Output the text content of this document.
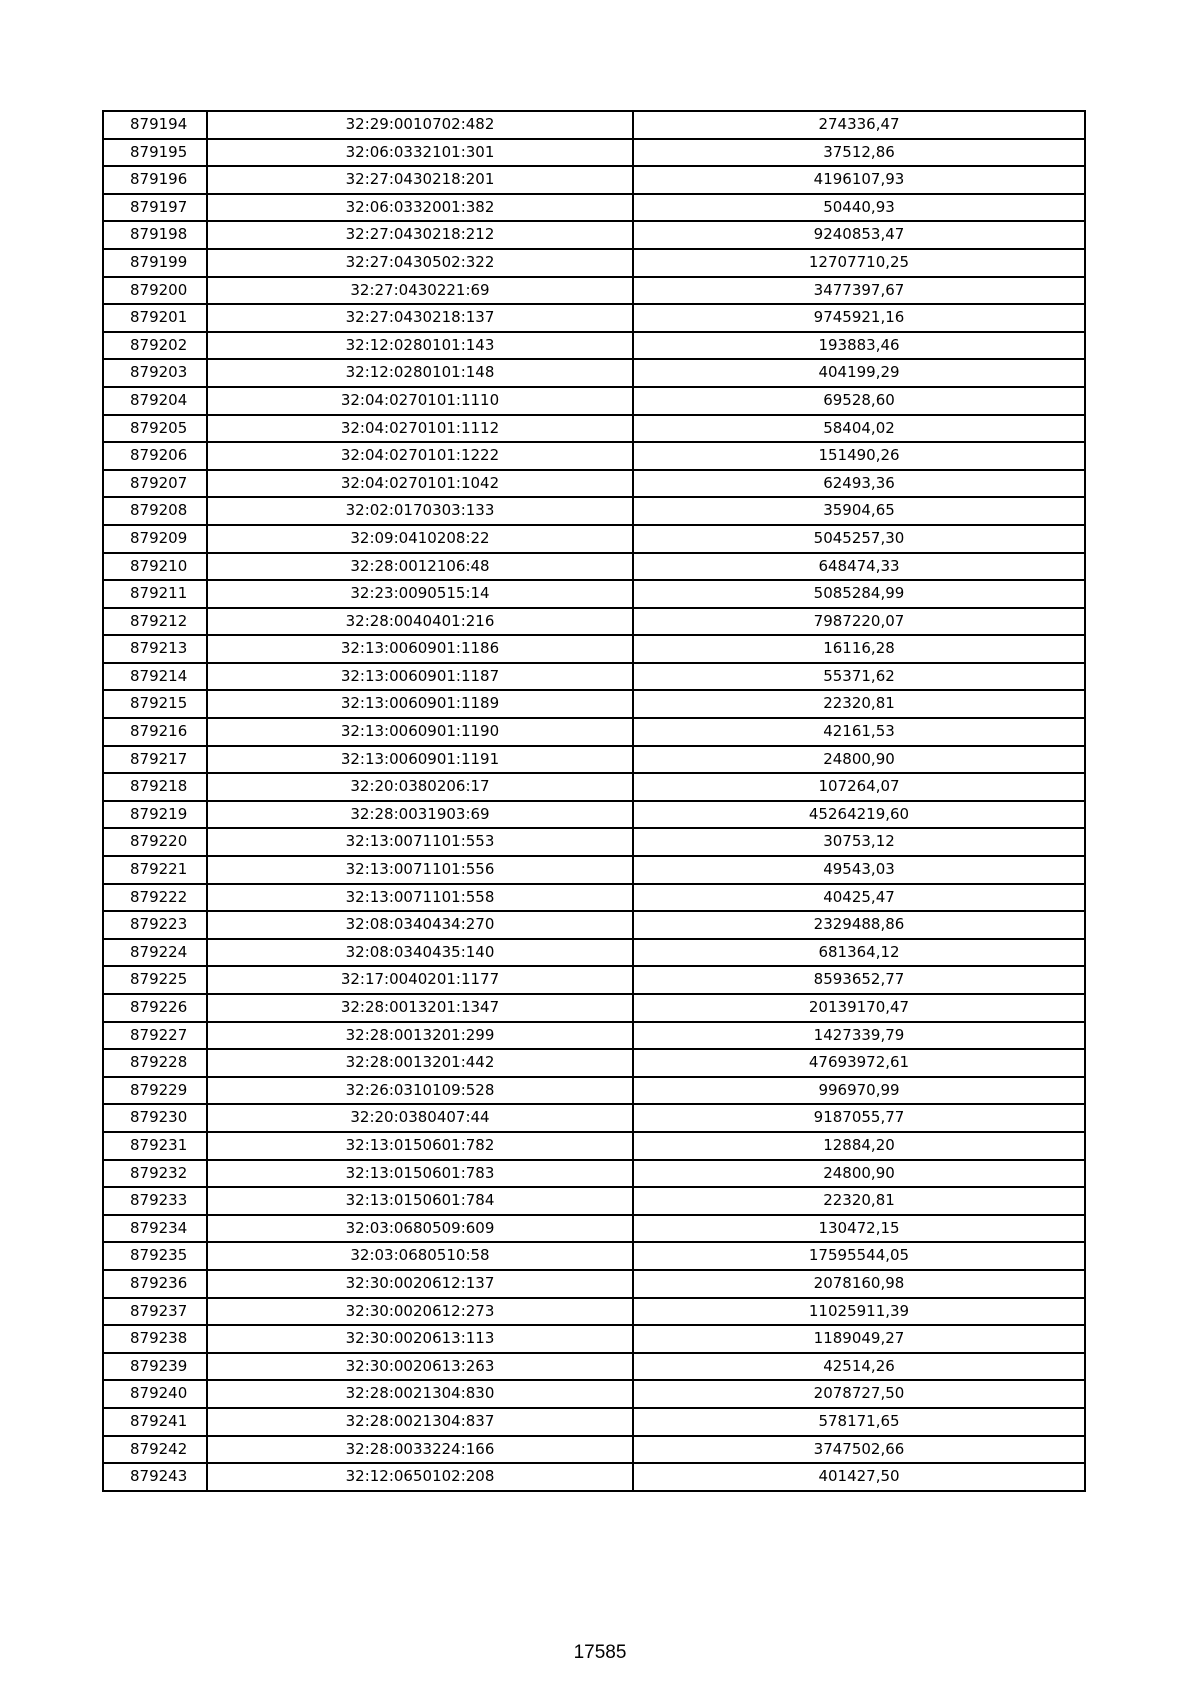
879194	32:29:0010702:482	274336,47
879195	32:06:0332101:301	37512,86
879196	32:27:0430218:201	4196107,93
879197	32:06:0332001:382	50440,93
879198	32:27:0430218:212	9240853,47
879199	32:27:0430502:322	12707710,25
879200	32:27:0430221:69	3477397,67
879201	32:27:0430218:137	9745921,16
879202	32:12:0280101:143	193883,46
879203	32:12:0280101:148	404199,29
879204	32:04:0270101:1110	69528,60
879205	32:04:0270101:1112	58404,02
879206	32:04:0270101:1222	151490,26
879207	32:04:0270101:1042	62493,36
879208	32:02:0170303:133	35904,65
879209	32:09:0410208:22	5045257,30
879210	32:28:0012106:48	648474,33
879211	32:23:0090515:14	5085284,99
879212	32:28:0040401:216	7987220,07
879213	32:13:0060901:1186	16116,28
879214	32:13:0060901:1187	55371,62
879215	32:13:0060901:1189	22320,81
879216	32:13:0060901:1190	42161,53
879217	32:13:0060901:1191	24800,90
879218	32:20:0380206:17	107264,07
879219	32:28:0031903:69	45264219,60
879220	32:13:0071101:553	30753,12
879221	32:13:0071101:556	49543,03
879222	32:13:0071101:558	40425,47
879223	32:08:0340434:270	2329488,86
879224	32:08:0340435:140	681364,12
879225	32:17:0040201:1177	8593652,77
879226	32:28:0013201:1347	20139170,47
879227	32:28:0013201:299	1427339,79
879228	32:28:0013201:442	47693972,61
879229	32:26:0310109:528	996970,99
879230	32:20:0380407:44	9187055,77
879231	32:13:0150601:782	12884,20
879232	32:13:0150601:783	24800,90
879233	32:13:0150601:784	22320,81
879234	32:03:0680509:609	130472,15
879235	32:03:0680510:58	17595544,05
879236	32:30:0020612:137	2078160,98
879237	32:30:0020612:273	11025911,39
879238	32:30:0020613:113	1189049,27
879239	32:30:0020613:263	42514,26
879240	32:28:0021304:830	2078727,50
879241	32:28:0021304:837	578171,65
879242	32:28:0033224:166	3747502,66
879243	32:12:0650102:208	401427,50
17585
